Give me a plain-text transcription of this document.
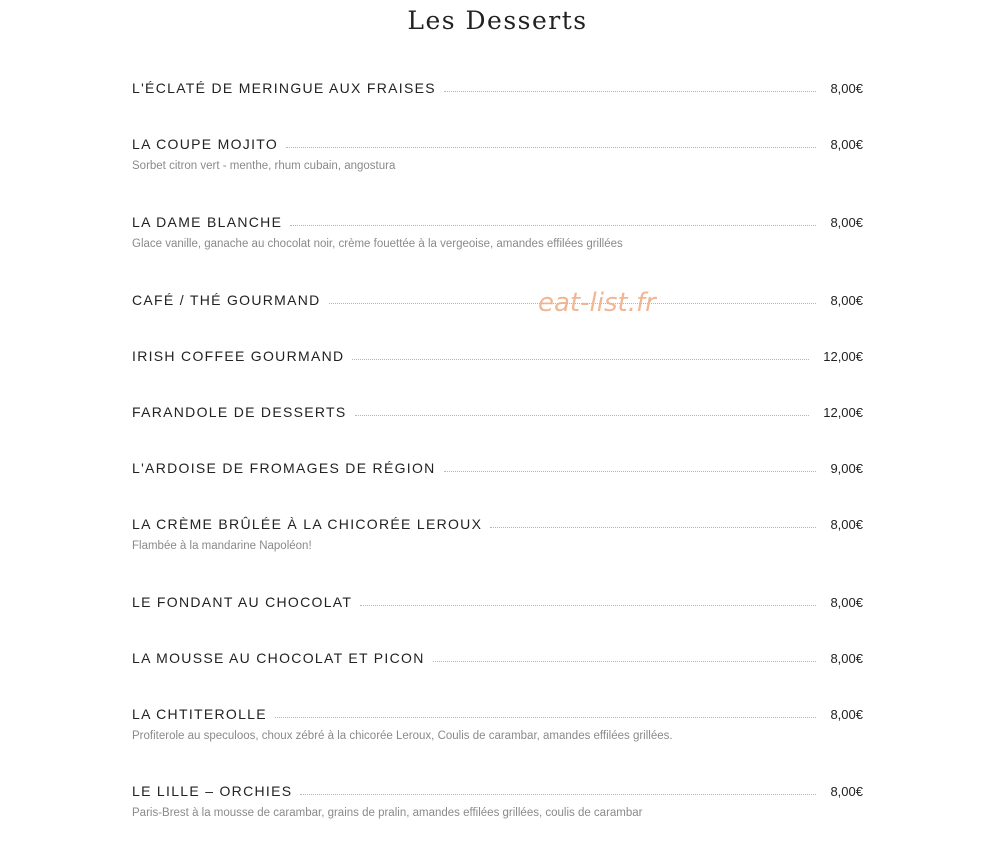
Les Desserts
L'ÉCLATÉ DE MERINGUE AUX FRAISES	8,00€
LA COUPE MOJITO	8,00€
Sorbet citron vert - menthe, rhum cubain, angostura
LA DAME BLANCHE	8,00€
Glace vanille, ganache au chocolat noir, crème fouettée à la vergeoise, amandes effilées grillées
CAFÉ / THÉ GOURMAND	8,00€
IRISH COFFEE GOURMAND	12,00€
FARANDOLE DE DESSERTS	12,00€
L'ARDOISE DE FROMAGES DE RÉGION	9,00€
LA CRÈME BRÛLÉE À LA CHICORÉE LEROUX	8,00€
Flambée à la mandarine Napoléon!
LE FONDANT AU CHOCOLAT	8,00€
LA MOUSSE AU CHOCOLAT ET PICON	8,00€
LA CHTITEROLLE	8,00€
Profiterole au speculoos, choux zébré à la chicorée Leroux, Coulis de carambar, amandes effilées grillées.
LE LILLE – ORCHIES	8,00€
Paris-Brest à la mousse de carambar, grains de pralin, amandes effilées grillées, coulis de carambar
eat-list.fr
